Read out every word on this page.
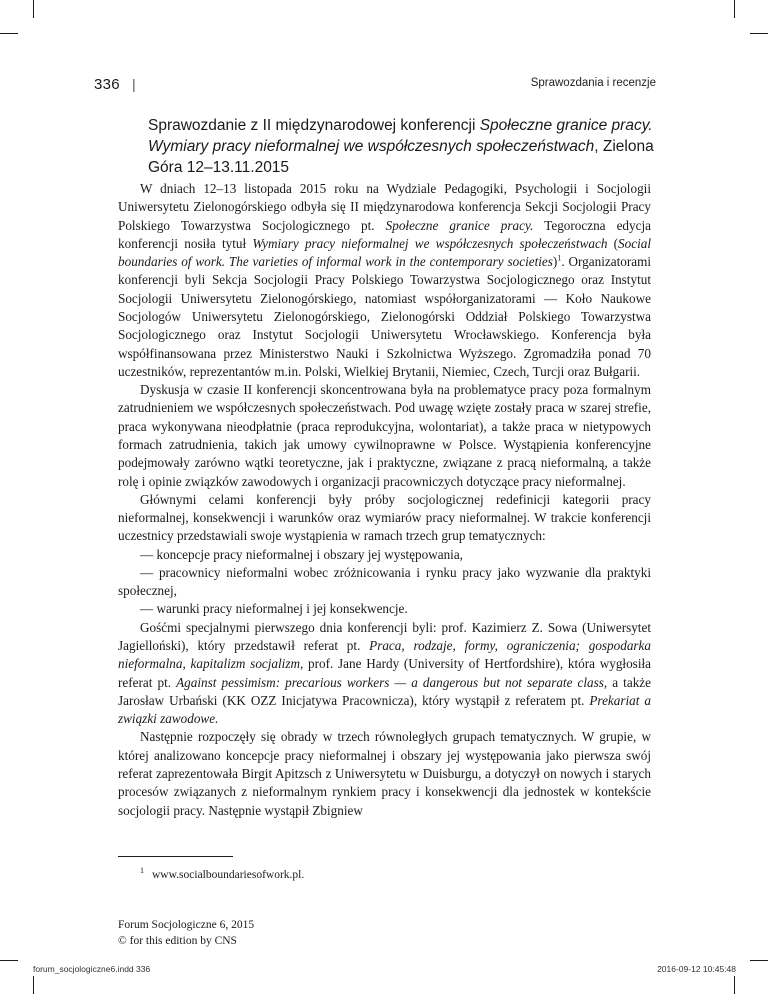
336 |	Sprawozdania i recenzje
Sprawozdanie z II międzynarodowej konferencji Społeczne granice pracy. Wymiary pracy nieformalnej we współczesnych społeczeństwach, Zielona Góra 12–13.11.2015

W dniach 12–13 listopada 2015 roku na Wydziale Pedagogiki, Psychologii i Socjologii Uniwersytetu Zielonogórskiego odbyła się II międzynarodowa konferencja Sekcji Socjologii Pracy Polskiego Towarzystwa Socjologicznego pt. Społeczne granice pracy. Tegoroczna edycja konferencji nosiła tytuł Wymiary pracy nieformalnej we współczesnych społeczeństwach (Social boundaries of work. The varieties of informal work in the contemporary societies)$^1$. Organizatorami konferencji byli Sekcja Socjologii Pracy Polskiego Towarzystwa Socjologicznego oraz Instytut Socjologii Uniwersytetu Zielonogórskiego, natomiast współorganizatorami — Koło Naukowe Socjologów Uniwersytetu Zielonogórskiego, Zielonogórski Oddział Polskiego Towarzystwa Socjologicznego oraz Instytut Socjologii Uniwersytetu Wrocławskiego. Konferencja była współfinansowana przez Ministerstwo Nauki i Szkolnictwa Wyższego. Zgromadziła ponad 70 uczestników, reprezentantów m.in. Polski, Wielkiej Brytanii, Niemiec, Czech, Turcji oraz Bułgarii.

Dyskusja w czasie II konferencji skoncentrowana była na problematyce pracy poza formalnym zatrudnieniem we współczesnych społeczeństwach. Pod uwagę wzięte zostały praca w szarej strefie, praca wykonywana nieodpłatnie (praca reprodukcyjna, wolontariat), a także praca w nietypowych formach zatrudnienia, takich jak umowy cywilnoprawne w Polsce. Wystąpienia konferencyjne podejmowały zarówno wątki teoretyczne, jak i praktyczne, związane z pracą nieformalną, a także rolę i opinie związków zawodowych i organizacji pracowniczych dotyczące pracy nieformalnej.

Głównymi celami konferencji były próby socjologicznej redefinicji kategorii pracy nieformalnej, konsekwencji i warunków oraz wymiarów pracy nieformalnej. W trakcie konferencji uczestnicy przedstawiali swoje wystąpienia w ramach trzech grup tematycznych:

— koncepcje pracy nieformalnej i obszary jej występowania,

— pracownicy nieformalni wobec zróżnicowania i rynku pracy jako wyzwanie dla praktyki społecznej,

— warunki pracy nieformalnej i jej konsekwencje.

Gośćmi specjalnymi pierwszego dnia konferencji byli: prof. Kazimierz Z. Sowa (Uniwersytet Jagielloński), który przedstawił referat pt. Praca, rodzaje, formy, ograniczenia; gospodarka nieformalna, kapitalizm socjalizm, prof. Jane Hardy (University of Hertfordshire), która wygłosiła referat pt. Against pessimism: precarious workers — a dangerous but not separate class, a także Jarosław Urbański (KK OZZ Inicjatywa Pracownicza), który wystąpił z referatem pt. Prekariat a związki zawodowe.

Następnie rozpoczęły się obrady w trzech równoległych grupach tematycznych. W grupie, w której analizowano koncepcje pracy nieformalnej i obszary jej występowania jako pierwsza swój referat zaprezentowała Birgit Apitzsch z Uniwersytetu w Duisburgu, a dotyczył on nowych i starych procesów związanych z nieformalnym rynkiem pracy i konsekwencji dla jednostek w kontekście socjologii pracy. Następnie wystąpił Zbigniew

$^1$ www.socialboundariesofwork.pl.
Forum Socjologiczne 6, 2015
© for this edition by CNS
forum_socjologiczne6.indd 336	2016-09-12 10:45:48
